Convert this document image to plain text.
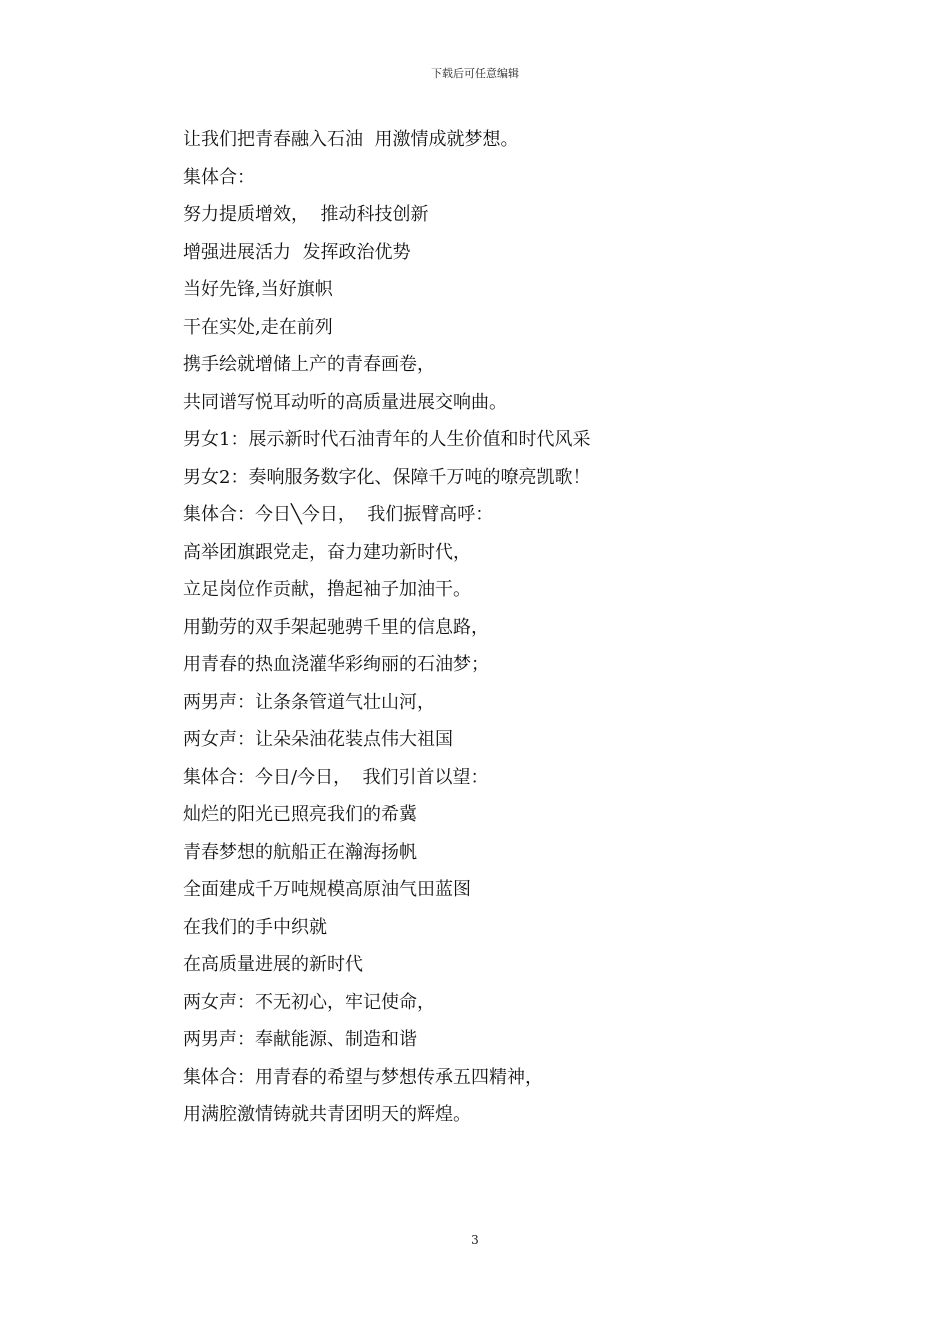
下载后可任意编辑
让我们把青春融入石油  用激情成就梦想。
集体合：
努力提质增效，  推动科技创新
增强进展活力  发挥政治优势
当好先锋,当好旗帜
干在实处,走在前列
携手绘就增储上产的青春画卷，
共同谱写悦耳动听的高质量进展交响曲。
男女1：展示新时代石油青年的人生价值和时代风采
男女2：奏响服务数字化、保障千万吨的嘹亮凯歌！
集体合：今日╲今日，  我们振臂高呼：
高举团旗跟党走，奋力建功新时代，
立足岗位作贡献，撸起袖子加油干。
用勤劳的双手架起驰骋千里的信息路，
用青春的热血浇灌华彩绚丽的石油梦；
两男声：让条条管道气壮山河，
两女声：让朵朵油花装点伟大祖国
集体合：今日/今日，  我们引首以望：
灿烂的阳光已照亮我们的希冀
青春梦想的航船正在瀚海扬帆
全面建成千万吨规模高原油气田蓝图
在我们的手中织就
在高质量进展的新时代
两女声：不无初心，牢记使命，
两男声：奉献能源、制造和谐
集体合：用青春的希望与梦想传承五四精神，
用满腔激情铸就共青团明天的辉煌。
3
